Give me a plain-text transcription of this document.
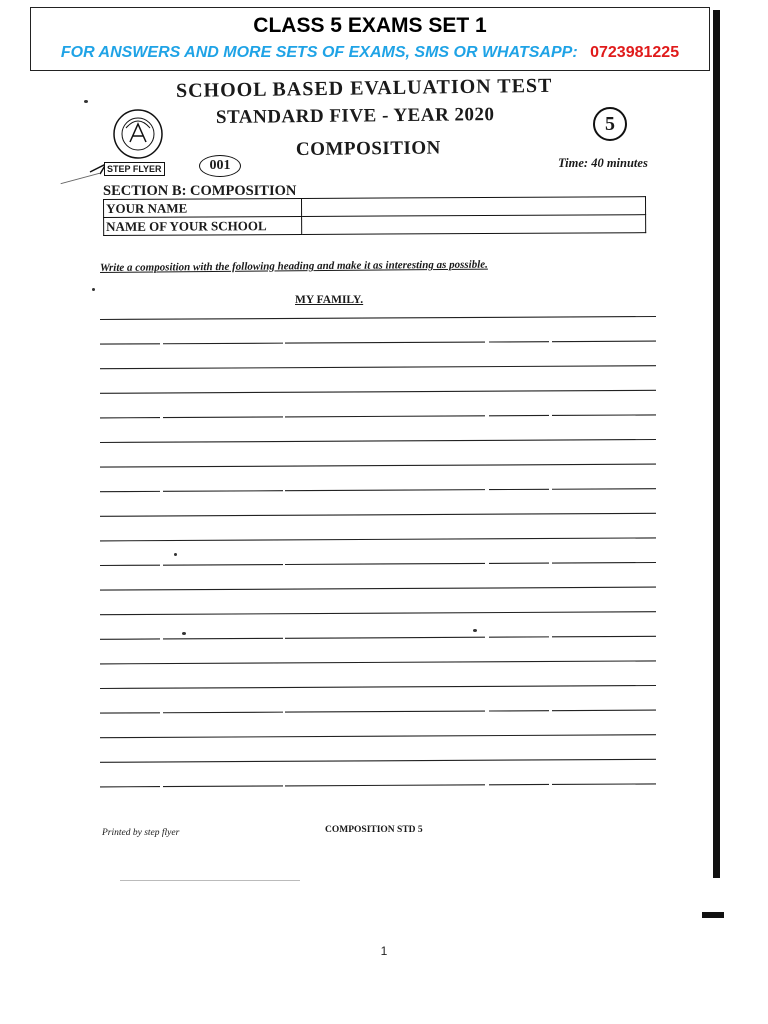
CLASS 5 EXAMS SET 1
FOR ANSWERS AND MORE SETS OF EXAMS, SMS OR WHATSAPP: 0723981225
SCHOOL BASED EVALUATION TEST
STANDARD FIVE - YEAR 2020
COMPOSITION
5
Time: 40 minutes
STEP FLYER	001
SECTION B: COMPOSITION
YOUR NAME	
NAME OF YOUR SCHOOL	
Write a composition with the following heading and make it as interesting as possible.
MY FAMILY.
Printed by step flyer	COMPOSITION STD 5
1
